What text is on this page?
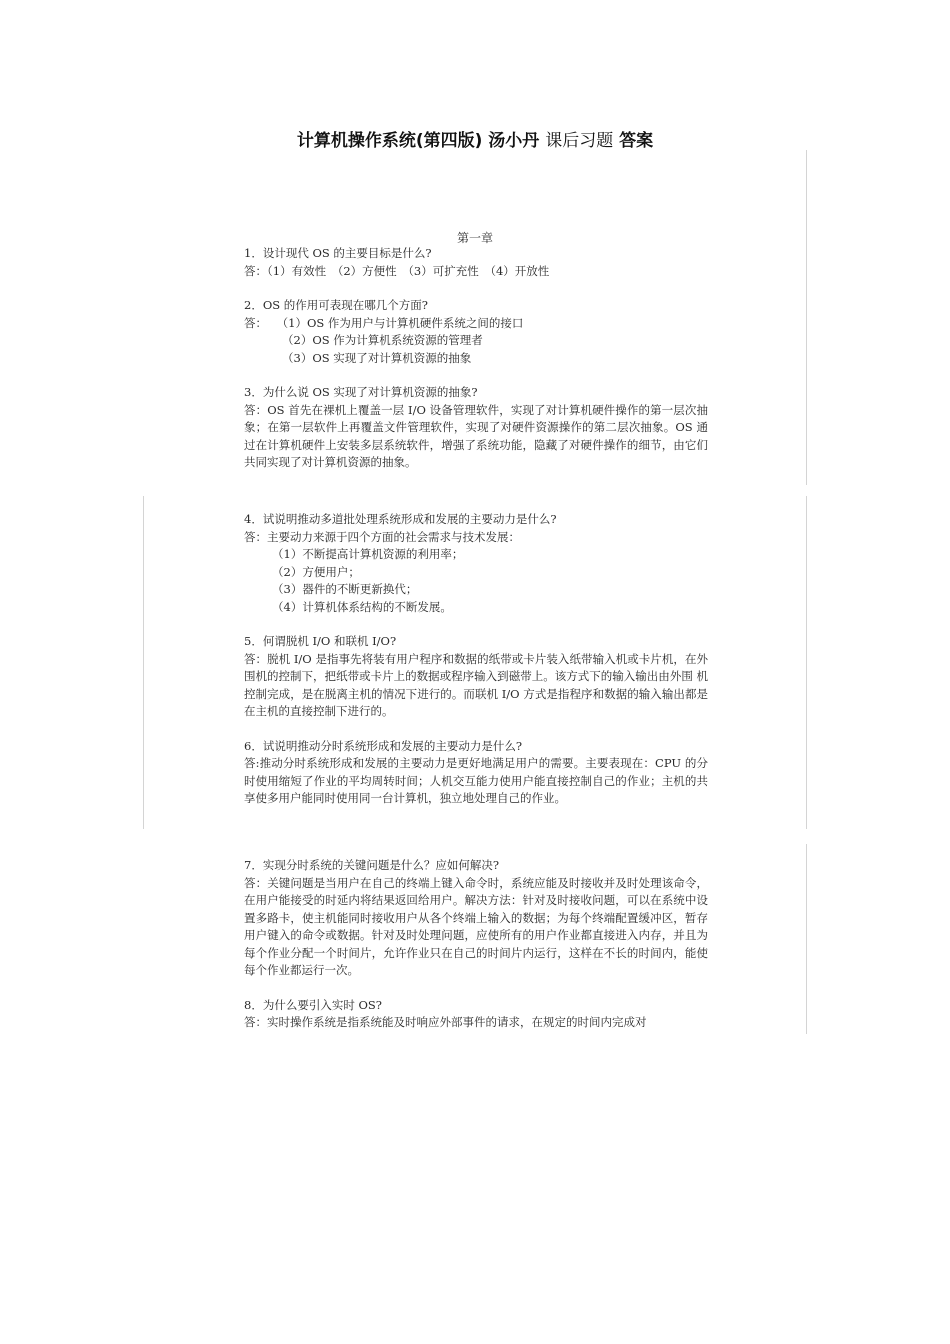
计算机操作系统(第四版) 汤小丹 课后习题 答案
第一章
1．设计现代 OS 的主要目标是什么?
答：（1）有效性　（2）方便性　（3）可扩充性　（4）开放性
2．OS 的作用可表现在哪几个方面?
答： （1）OS 作为用户与计算机硬件系统之间的接口
（2）OS 作为计算机系统资源的管理者
（3）OS 实现了对计算机资源的抽象
3．为什么说 OS 实现了对计算机资源的抽象?
答：OS 首先在裸机上覆盖一层 I/O 设备管理软件，实现了对计算机硬件操作的第一层次抽象；在第一层软件上再覆盖文件管理软件，实现了对硬件资源操作的第二层次抽象。OS 通过在计算机硬件上安装多层系统软件，增强了系统功能，隐藏了对硬件操作的细节，由它们共同实现了对计算机资源的抽象。
4．试说明推动多道批处理系统形成和发展的主要动力是什么?
答：主要动力来源于四个方面的社会需求与技术发展：
（1）不断提高计算机资源的利用率；
（2）方便用户；
（3）器件的不断更新换代；
（4）计算机体系结构的不断发展。
5．何谓脱机 I/O 和联机 I/O?
答：脱机 I/O 是指事先将装有用户程序和数据的纸带或卡片装入纸带输入机或卡片机，在外围机的控制下，把纸带或卡片上的数据或程序输入到磁带上。该方式下的输入输出由外围 机控制完成，是在脱离主机的情况下进行的。而联机 I/O 方式是指程序和数据的输入输出都是在主机的直接控制下进行的。
6．试说明推动分时系统形成和发展的主要动力是什么?
答:推动分时系统形成和发展的主要动力是更好地满足用户的需要。主要表现在：CPU 的分时使用缩短了作业的平均周转时间；人机交互能力使用户能直接控制自己的作业；主机的共享使多用户能同时使用同一台计算机，独立地处理自己的作业。
7．实现分时系统的关键问题是什么？应如何解决?
答：关键问题是当用户在自己的终端上键入命令时，系统应能及时接收并及时处理该命令，在用户能接受的时延内将结果返回给用户。解决方法：针对及时接收问题，可以在系统中设置多路卡，使主机能同时接收用户从各个终端上输入的数据；为每个终端配置缓冲区，暂存用户键入的命令或数据。针对及时处理问题，应使所有的用户作业都直接进入内存，并且为每个作业分配一个时间片，允许作业只在自己的时间片内运行，这样在不长的时间内，能使每个作业都运行一次。
8．为什么要引入实时 OS?
答：实时操作系统是指系统能及时响应外部事件的请求，在规定的时间内完成对
